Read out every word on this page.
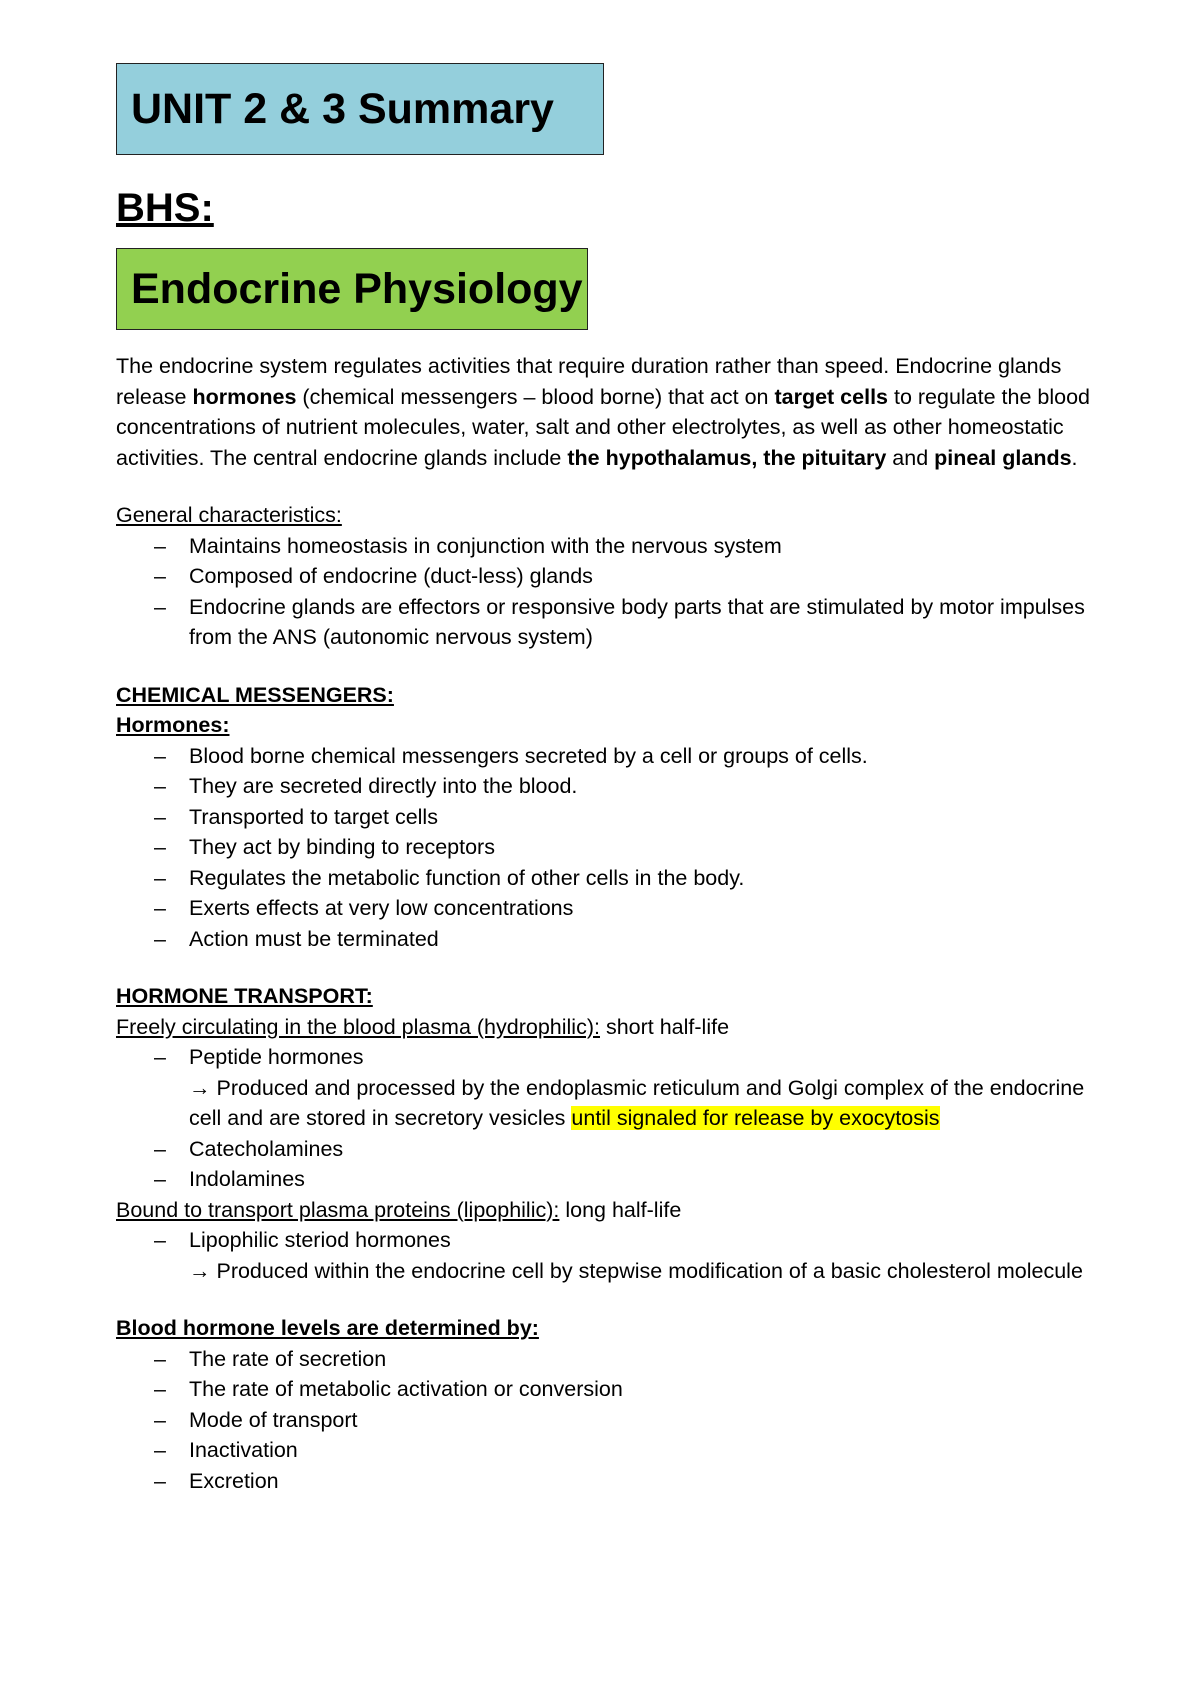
UNIT 2 & 3 Summary
BHS:
Endocrine Physiology

The endocrine system regulates activities that require duration rather than speed. Endocrine glands release hormones (chemical messengers – blood borne) that act on target cells to regulate the blood concentrations of nutrient molecules, water, salt and other electrolytes, as well as other homeostatic activities. The central endocrine glands include the hypothalamus, the pituitary and pineal glands.

General characteristics:

– Maintains homeostasis in conjunction with the nervous system
– Composed of endocrine (duct-less) glands
– Endocrine glands are effectors or responsive body parts that are stimulated by motor impulses from the ANS (autonomic nervous system)

CHEMICAL MESSENGERS:

Hormones:

– Blood borne chemical messengers secreted by a cell or groups of cells.
– They are secreted directly into the blood.
– Transported to target cells
– They act by binding to receptors
– Regulates the metabolic function of other cells in the body.
– Exerts effects at very low concentrations
– Action must be terminated

HORMONE TRANSPORT:

Freely circulating in the blood plasma (hydrophilic): short half-life

– Peptide hormones
→ Produced and processed by the endoplasmic reticulum and Golgi complex of the endocrine cell and are stored in secretory vesicles until signaled for release by exocytosis
– Catecholamines
– Indolamines

Bound to transport plasma proteins (lipophilic): long half-life

– Lipophilic steriod hormones
→ Produced within the endocrine cell by stepwise modification of a basic cholesterol molecule

Blood hormone levels are determined by:

– The rate of secretion
– The rate of metabolic activation or conversion
– Mode of transport
– Inactivation
– Excretion
